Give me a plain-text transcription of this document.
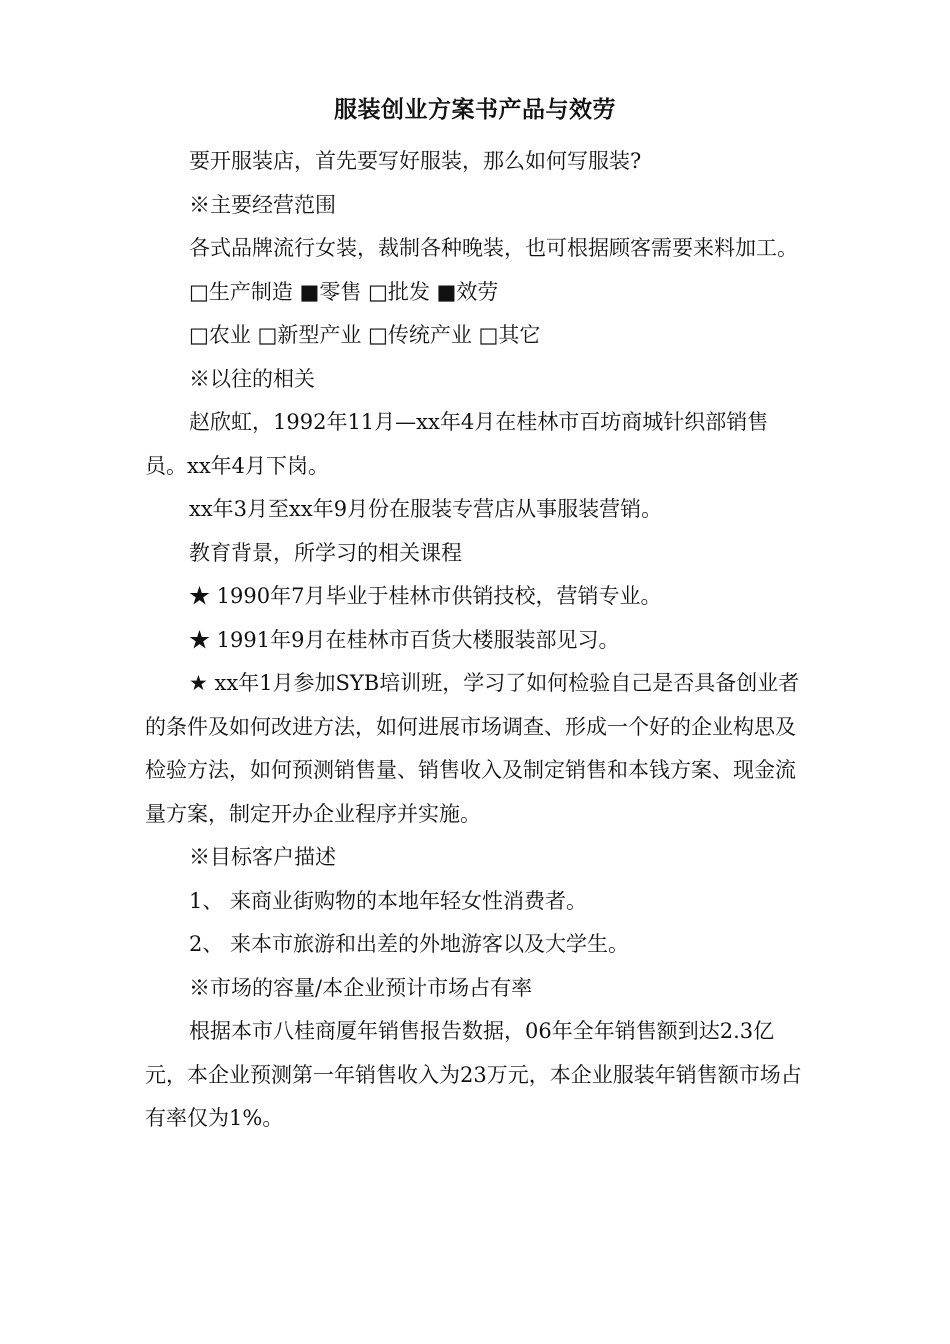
服装创业方案书产品与效劳

要开服装店，首先要写好服装，那么如何写服装?

※主要经营范围

各式品牌流行女装，裁制各种晚装，也可根据顾客需要来料加工。

□生产制造 ■零售 □批发 ■效劳

□农业 □新型产业 □传统产业 □其它

※以往的相关

赵欣虹，1992年11月—xx年4月在桂林市百坊商城针织部销售员。xx年4月下岗。

xx年3月至xx年9月份在服装专营店从事服装营销。

教育背景，所学习的相关课程

★ 1990年7月毕业于桂林市供销技校，营销专业。

★ 1991年9月在桂林市百货大楼服装部见习。

★ xx年1月参加SYB培训班，学习了如何检验自己是否具备创业者的条件及如何改进方法，如何进展市场调查、形成一个好的企业构思及检验方法，如何预测销售量、销售收入及制定销售和本钱方案、现金流量方案，制定开办企业程序并实施。

※目标客户描述

1、 来商业街购物的本地年轻女性消费者。

2、 来本市旅游和出差的外地游客以及大学生。

※市场的容量/本企业预计市场占有率

根据本市八桂商厦年销售报告数据，06年全年销售额到达2.3亿元，本企业预测第一年销售收入为23万元，本企业服装年销售额市场占有率仅为1%。
